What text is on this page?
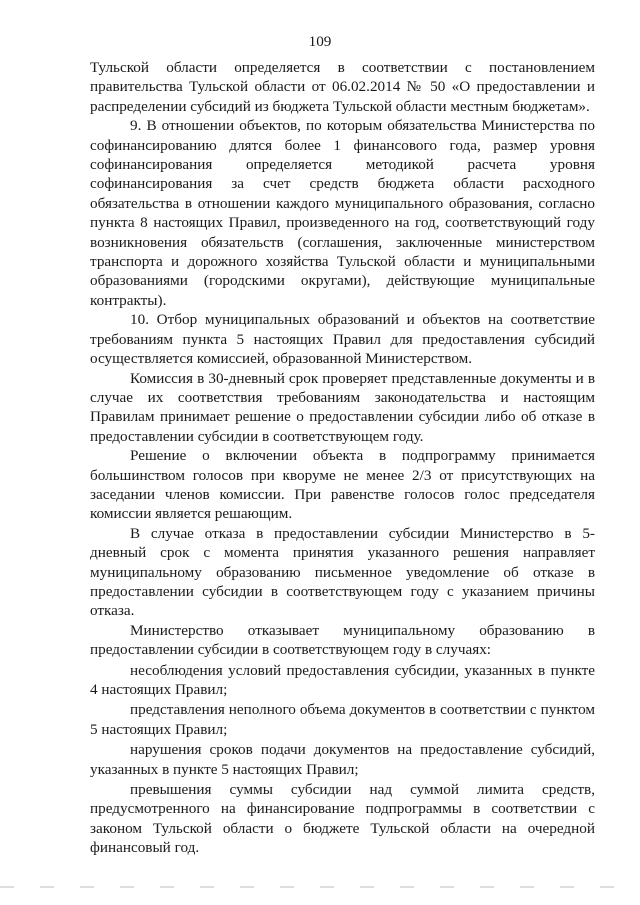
109

Тульской области определяется в соответствии с постановлением правительства Тульской области от 06.02.2014 № 50 «О предоставлении и распределении субсидий из бюджета Тульской области местным бюджетам».

9. В отношении объектов, по которым обязательства Министерства по софинансированию длятся более 1 финансового года, размер уровня софинансирования определяется методикой расчета уровня софинансирования за счет средств бюджета области расходного обязательства в отношении каждого муниципального образования, согласно пункта 8 настоящих Правил, произведенного на год, соответствующий году возникновения обязательств (соглашения, заключенные министерством транспорта и дорожного хозяйства Тульской области и муниципальными образованиями (городскими округами), действующие муниципальные контракты).

10. Отбор муниципальных образований и объектов на соответствие требованиям пункта 5 настоящих Правил для предоставления субсидий осуществляется комиссией, образованной Министерством.

Комиссия в 30-дневный срок проверяет представленные документы и в случае их соответствия требованиям законодательства и настоящим Правилам принимает решение о предоставлении субсидии либо об отказе в предоставлении субсидии в соответствующем году.

Решение о включении объекта в подпрограмму принимается большинством голосов при кворуме не менее 2/3 от присутствующих на заседании членов комиссии. При равенстве голосов голос председателя комиссии является решающим.

В случае отказа в предоставлении субсидии Министерство в 5-дневный срок с момента принятия указанного решения направляет муниципальному образованию письменное уведомление об отказе в предоставлении субсидии в соответствующем году с указанием причины отказа.

Министерство отказывает муниципальному образованию в предоставлении субсидии в соответствующем году в случаях:

несоблюдения условий предоставления субсидии, указанных в пункте 4 настоящих Правил;

представления неполного объема документов в соответствии с пунктом 5 настоящих Правил;

нарушения сроков подачи документов на предоставление субсидий, указанных в пункте 5 настоящих Правил;

превышения суммы субсидии над суммой лимита средств, предусмотренного на финансирование подпрограммы в соответствии с законом Тульской области о бюджете Тульской области на очередной финансовый год.
